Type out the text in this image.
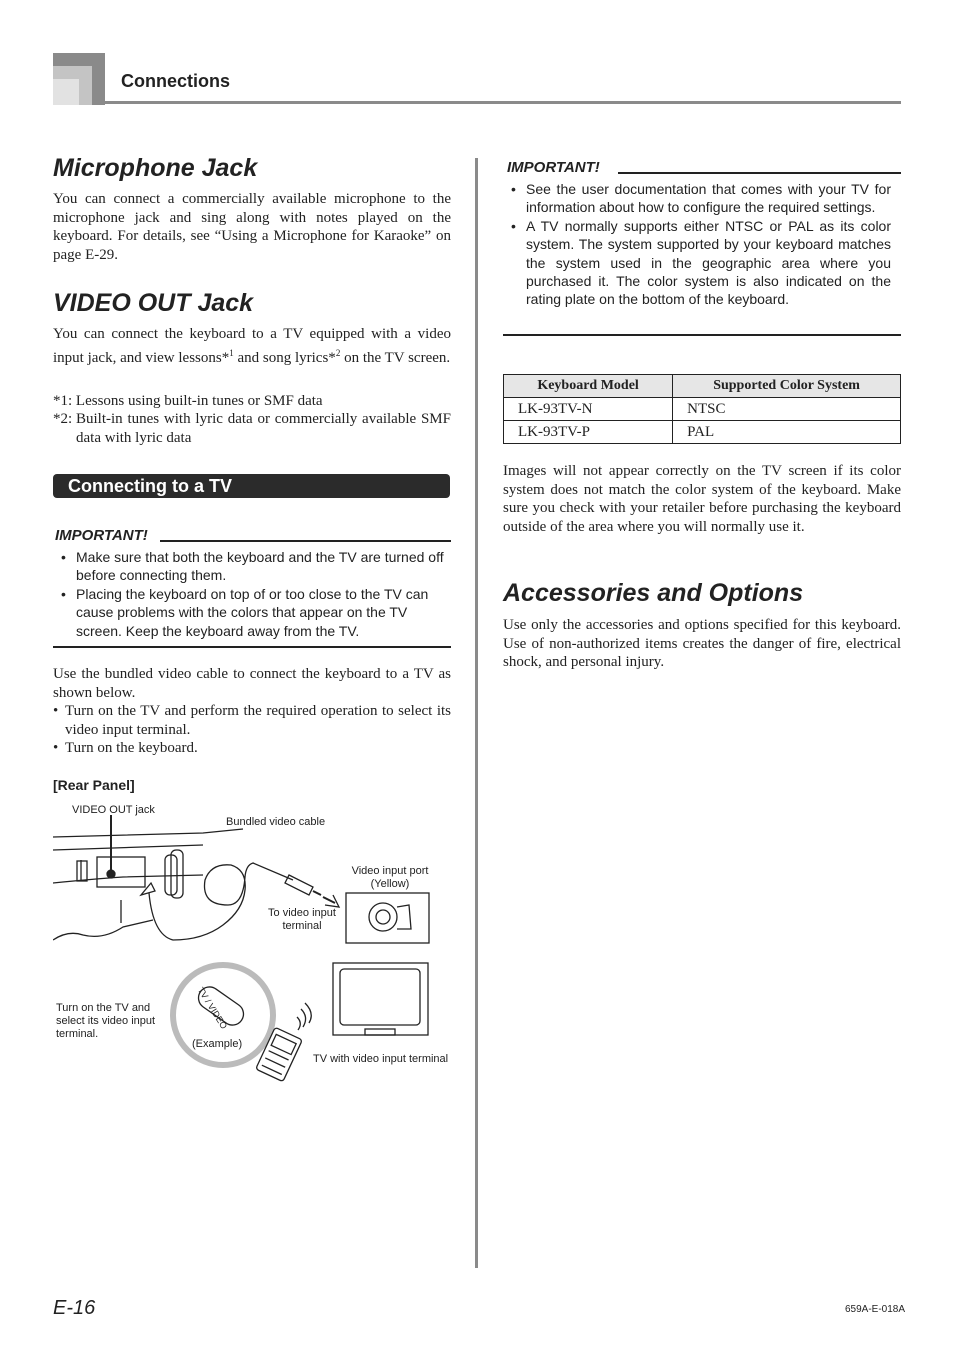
Connections
Microphone Jack

You can connect a commercially available microphone to the microphone jack and sing along with notes played on the keyboard. For details, see “Using a Microphone for Karaoke” on page E-29.

VIDEO OUT Jack

You can connect the keyboard to a TV equipped with a video input jack, and view lessons*$^1$ and song lyrics*$^2$ on the TV screen.

*1: Lessons using built-in tunes or SMF data
*2: Built-in tunes with lyric data or commercially available SMF data with lyric data
Connecting to a TV
IMPORTANT!
• Make sure that both the keyboard and the TV are turned off before connecting them.
• Placing the keyboard on top of or too close to the TV can cause problems with the colors that appear on the TV screen. Keep the keyboard away from the TV.

Use the bundled video cable to connect the keyboard to a TV as shown below.

• Turn on the TV and perform the required operation to select its video input terminal.
• Turn on the keyboard.
[Rear Panel]
VIDEO OUT jack
Bundled video cable
Video input port (Yellow)
To video input terminal
TV / VIDEO
Turn on the TV and select its video input terminal.
(Example)
TV with video input terminal
IMPORTANT!
• See the user documentation that comes with your TV for information about how to configure the required settings.
• A TV normally supports either NTSC or PAL as its color system. The system supported by your keyboard matches the system used in the geographic area where you purchased it. The color system is also indicated on the rating plate on the bottom of the keyboard.
Keyboard Model	Supported Color System
LK-93TV-N	NTSC
LK-93TV-P	PAL

Images will not appear correctly on the TV screen if its color system does not match the color system of the keyboard. Make sure you check with your retailer before purchasing the keyboard outside of the area where you will normally use it.

Accessories and Options

Use only the accessories and options specified for this keyboard. Use of non-authorized items creates the danger of fire, electrical shock, and personal injury.

E-16	659A-E-018A
